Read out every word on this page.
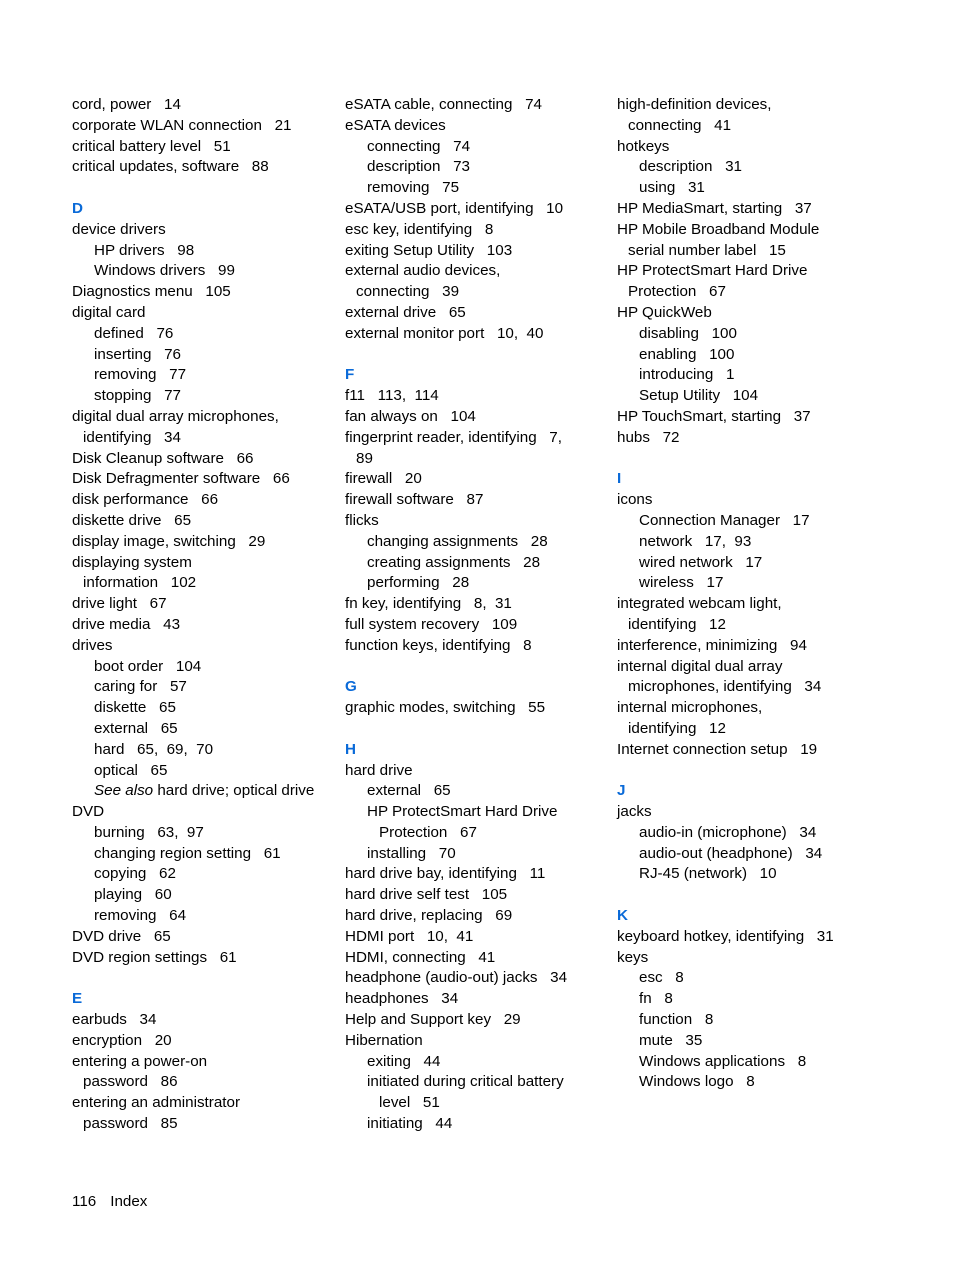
cord, power   14
corporate WLAN connection   21
critical battery level   51
critical updates, software   88
D
device drivers
HP drivers   98
Windows drivers   99
Diagnostics menu   105
digital card
defined   76
inserting   76
removing   77
stopping   77
digital dual array microphones,
identifying   34
Disk Cleanup software   66
Disk Defragmenter software   66
disk performance   66
diskette drive   65
display image, switching   29
displaying system
information   102
drive light   67
drive media   43
drives
boot order   104
caring for   57
diskette   65
external   65
hard   65,  69,  70
optical   65
See also hard drive; optical drive
DVD
burning   63,  97
changing region setting   61
copying   62
playing   60
removing   64
DVD drive   65
DVD region settings   61
E
earbuds   34
encryption   20
entering a power-on
password   86
entering an administrator
password   85
eSATA cable, connecting   74
eSATA devices
connecting   74
description   73
removing   75
eSATA/USB port, identifying   10
esc key, identifying   8
exiting Setup Utility   103
external audio devices,
connecting   39
external drive   65
external monitor port   10,  40
F
f11   113,  114
fan always on   104
fingerprint reader, identifying   7,
89
firewall   20
firewall software   87
flicks
changing assignments   28
creating assignments   28
performing   28
fn key, identifying   8,  31
full system recovery   109
function keys, identifying   8
G
graphic modes, switching   55
H
hard drive
external   65
HP ProtectSmart Hard Drive
Protection   67
installing   70
hard drive bay, identifying   11
hard drive self test   105
hard drive, replacing   69
HDMI port   10,  41
HDMI, connecting   41
headphone (audio-out) jacks   34
headphones   34
Help and Support key   29
Hibernation
exiting   44
initiated during critical battery
level   51
initiating   44
high-definition devices,
connecting   41
hotkeys
description   31
using   31
HP MediaSmart, starting   37
HP Mobile Broadband Module
serial number label   15
HP ProtectSmart Hard Drive
Protection   67
HP QuickWeb
disabling   100
enabling   100
introducing   1
Setup Utility   104
HP TouchSmart, starting   37
hubs   72
I
icons
Connection Manager   17
network   17,  93
wired network   17
wireless   17
integrated webcam light,
identifying   12
interference, minimizing   94
internal digital dual array
microphones, identifying   34
internal microphones,
identifying   12
Internet connection setup   19
J
jacks
audio-in (microphone)   34
audio-out (headphone)   34
RJ-45 (network)   10
K
keyboard hotkey, identifying   31
keys
esc   8
fn   8
function   8
mute   35
Windows applications   8
Windows logo   8
116 Index
